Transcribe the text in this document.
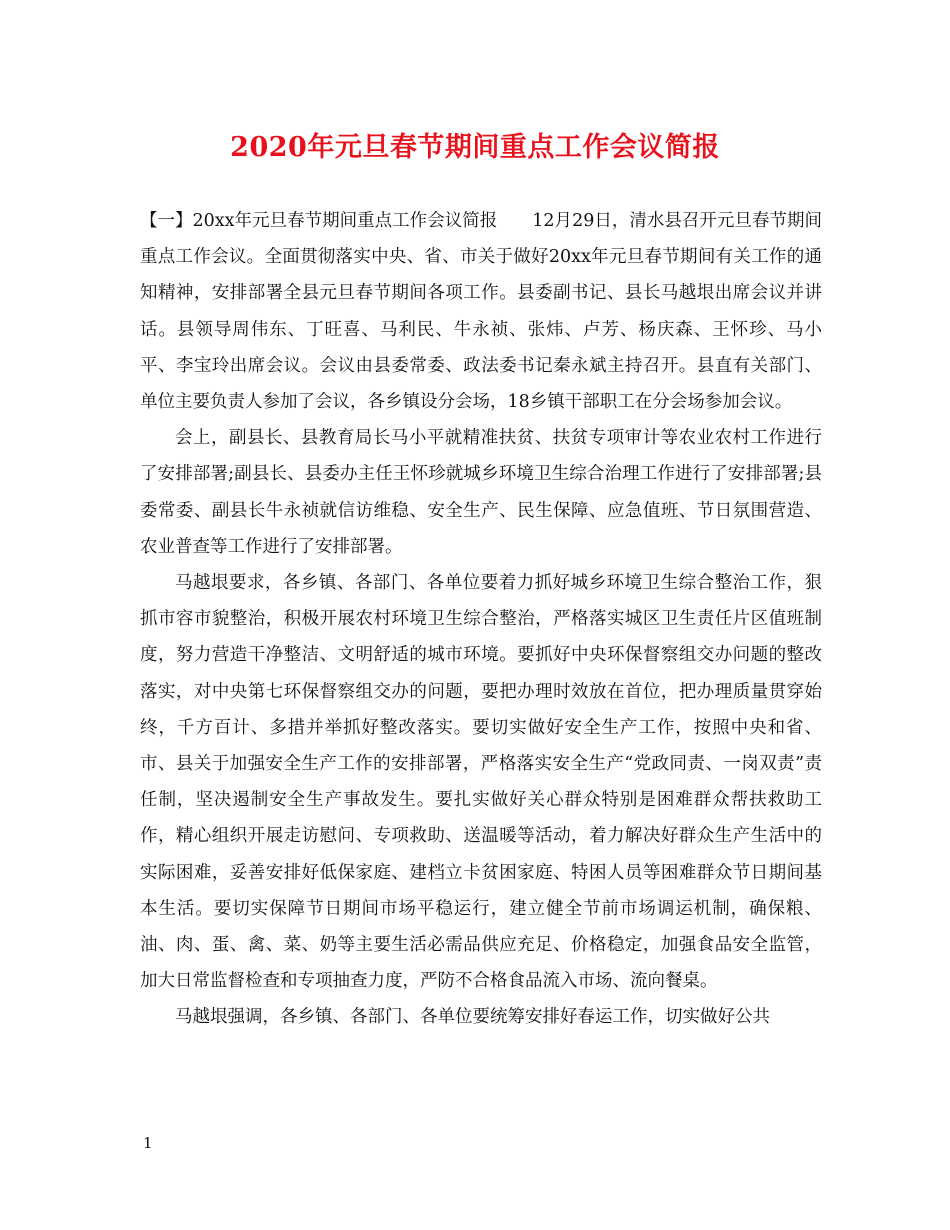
2020年元旦春节期间重点工作会议简报

【一】20xx年元旦春节期间重点工作会议简报　　12月29日，清水县召开元旦春节期间重点工作会议。全面贯彻落实中央、省、市关于做好20xx年元旦春节期间有关工作的通知精神，安排部署全县元旦春节期间各项工作。县委副书记、县长马越垠出席会议并讲话。县领导周伟东、丁旺喜、马利民、牛永祯、张炜、卢芳、杨庆森、王怀珍、马小平、李宝玲出席会议。会议由县委常委、政法委书记秦永斌主持召开。县直有关部门、单位主要负责人参加了会议，各乡镇设分会场，18乡镇干部职工在分会场参加会议。

会上，副县长、县教育局长马小平就精准扶贫、扶贫专项审计等农业农村工作进行了安排部署;副县长、县委办主任王怀珍就城乡环境卫生综合治理工作进行了安排部署;县委常委、副县长牛永祯就信访维稳、安全生产、民生保障、应急值班、节日氛围营造、农业普查等工作进行了安排部署。

马越垠要求，各乡镇、各部门、各单位要着力抓好城乡环境卫生综合整治工作，狠抓市容市貌整治，积极开展农村环境卫生综合整治，严格落实城区卫生责任片区值班制度，努力营造干净整洁、文明舒适的城市环境。要抓好中央环保督察组交办问题的整改落实，对中央第七环保督察组交办的问题，要把办理时效放在首位，把办理质量贯穿始终，千方百计、多措并举抓好整改落实。要切实做好安全生产工作，按照中央和省、市、县关于加强安全生产工作的安排部署，严格落实安全生产“党政同责、一岗双责”责任制，坚决遏制安全生产事故发生。要扎实做好关心群众特别是困难群众帮扶救助工作，精心组织开展走访慰问、专项救助、送温暖等活动，着力解决好群众生产生活中的实际困难，妥善安排好低保家庭、建档立卡贫困家庭、特困人员等困难群众节日期间基本生活。要切实保障节日期间市场平稳运行，建立健全节前市场调运机制，确保粮、油、肉、蛋、禽、菜、奶等主要生活必需品供应充足、价格稳定，加强食品安全监管，加大日常监督检查和专项抽查力度，严防不合格食品流入市场、流向餐桌。

马越垠强调，各乡镇、各部门、各单位要统筹安排好春运工作，切实做好公共

1
